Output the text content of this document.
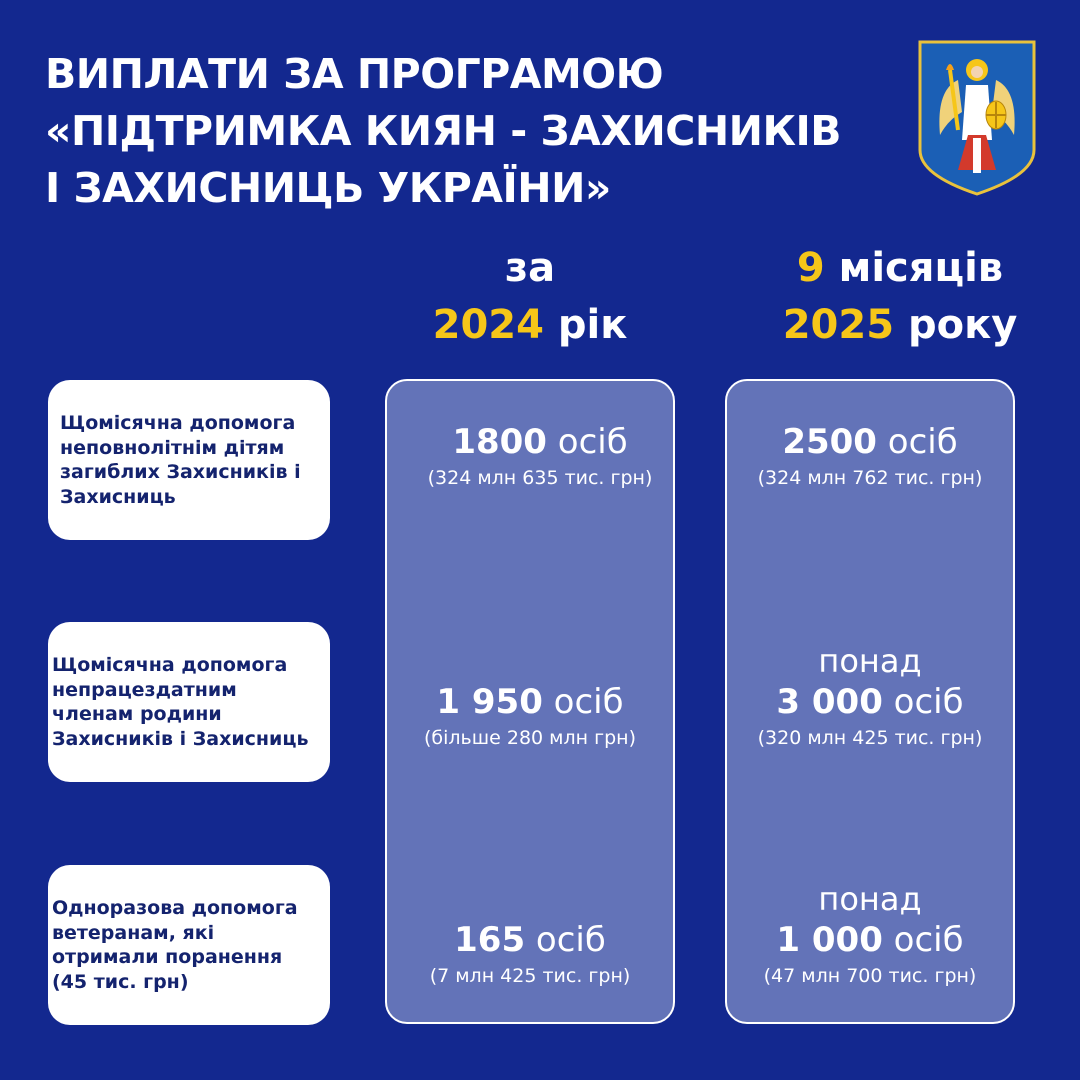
ВИПЛАТИ ЗА ПРОГРАМОЮ
«ПІДТРИМКА КИЯН - ЗАХИСНИКІВ
І ЗАХИСНИЦЬ УКРАЇНИ»
за
2024 рік
9 місяців
2025 року
Щомісячна допомога неповнолітнім дітям загиблих Захисників і Захисниць
Щомісячна допомога непрацездатним членам родини Захисників і Захисниць
Одноразова допомога ветеранам, які отримали поранення (45 тис. грн)
1800 осіб
(324 млн 635 тис. грн)
1 950 осіб
(більше 280 млн грн)
165 осіб
(7 млн 425 тис. грн)
2500 осіб
(324 млн 762 тис. грн)
понад
3 000 осіб
(320 млн 425 тис. грн)
понад
1 000 осіб
(47 млн 700 тис. грн)
